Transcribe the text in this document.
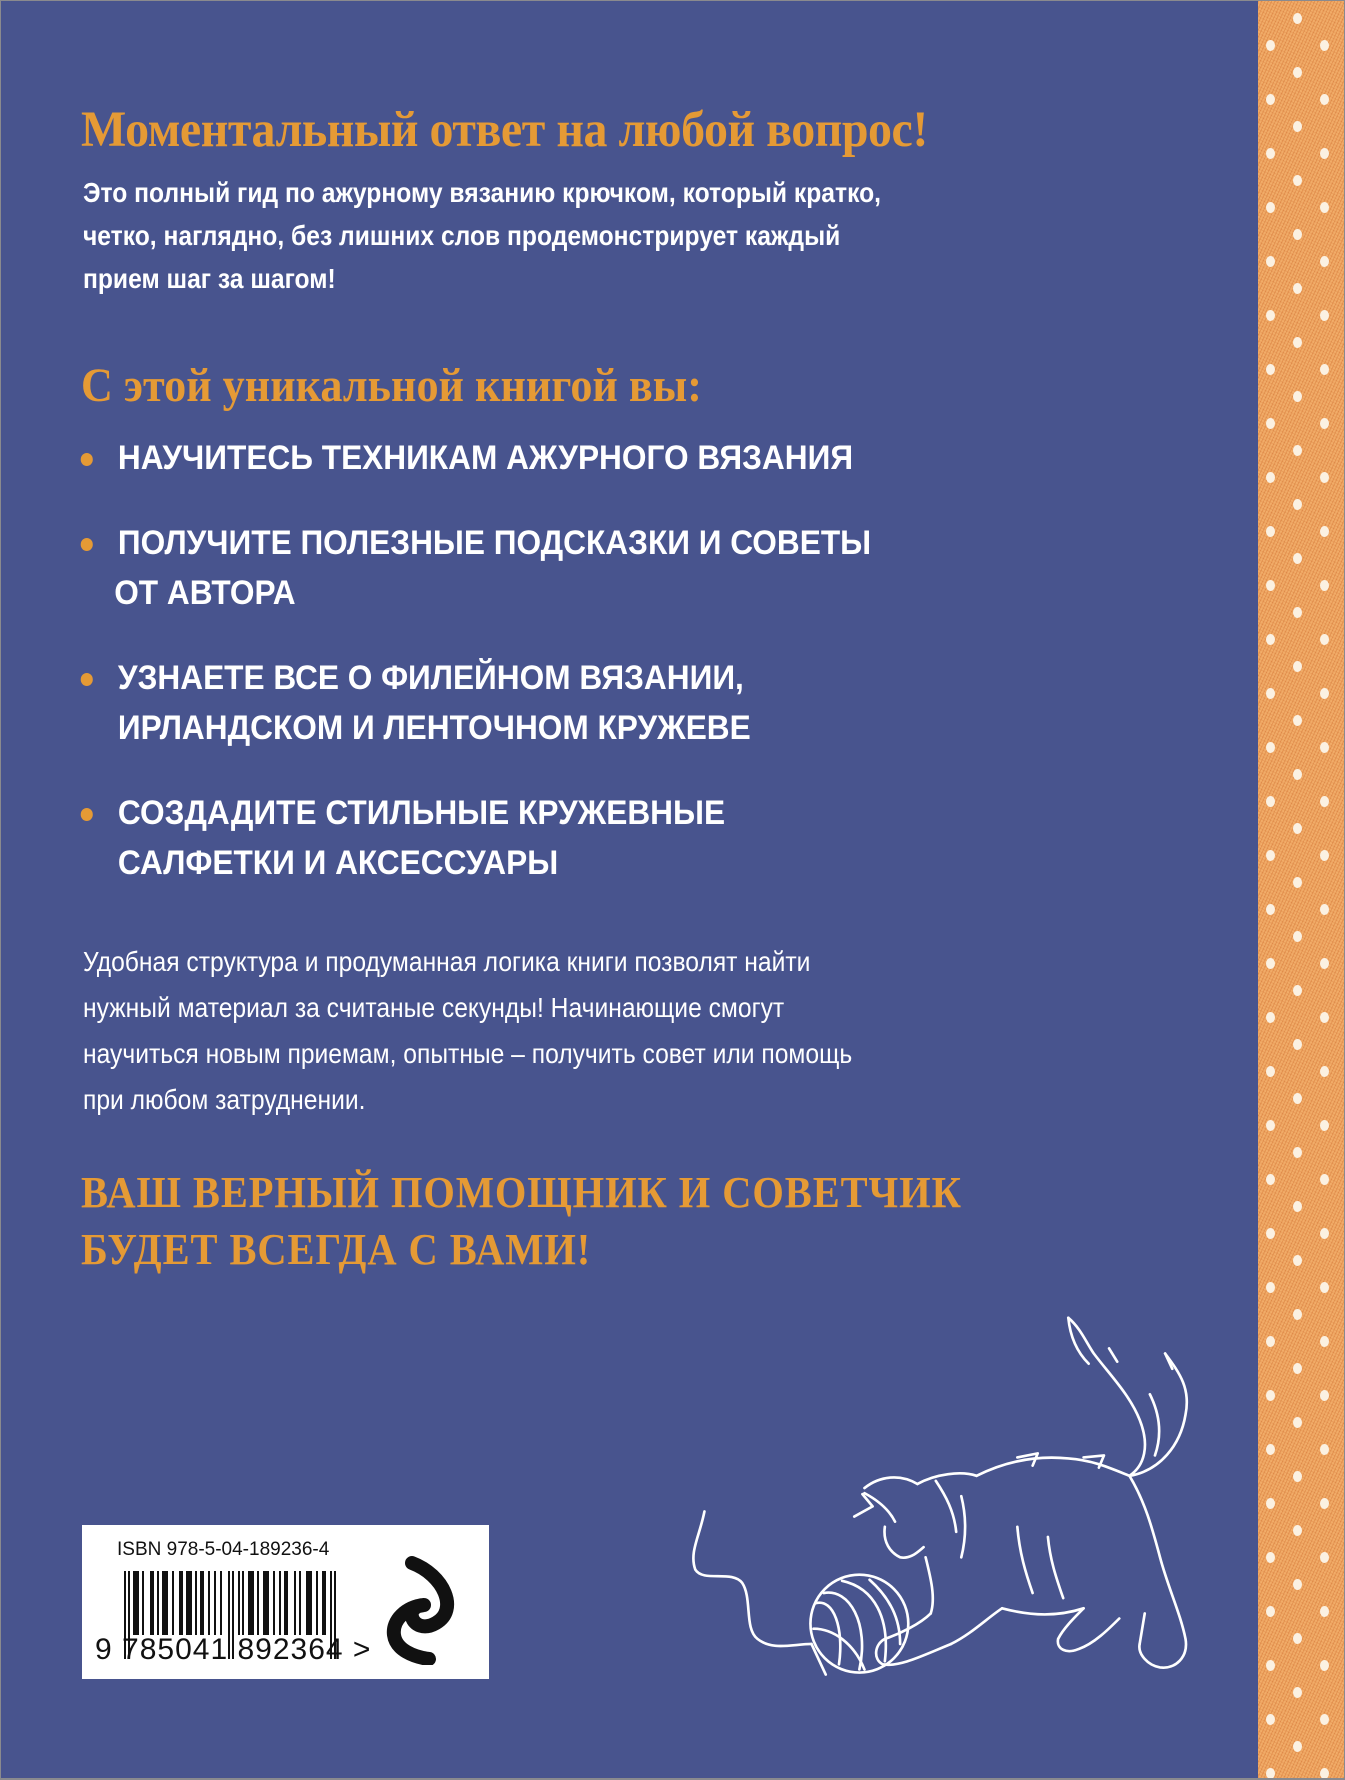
Моментальный ответ на любой вопрос!
Это полный гид по ажурному вязанию крючком, который кратко,
четко, наглядно, без лишних слов продемонстрирует каждый
прием шаг за шагом!
С этой уникальной книгой вы:
НАУЧИТЕСЬ ТЕХНИКАМ АЖУРНОГО ВЯЗАНИЯ
ПОЛУЧИТЕ ПОЛЕЗНЫЕ ПОДСКАЗКИ И СОВЕТЫ
ОТ АВТОРА
УЗНАЕТЕ ВСЕ О ФИЛЕЙНОМ ВЯЗАНИИ,
ИРЛАНДСКОМ И ЛЕНТОЧНОМ КРУЖЕВЕ
СОЗДАДИТЕ СТИЛЬНЫЕ КРУЖЕВНЫЕ
САЛФЕТКИ И АКСЕССУАРЫ
Удобная структура и продуманная логика книги позволят найти
нужный материал за считаные секунды! Начинающие смогут
научиться новым приемам, опытные – получить совет или помощь
при любом затруднении.
ВАШ ВЕРНЫЙ ПОМОЩНИК И СОВЕТЧИК
БУДЕТ ВСЕГДА С ВАМИ!
ISBN 978-5-04-189236-4
9 785041 892364 >
